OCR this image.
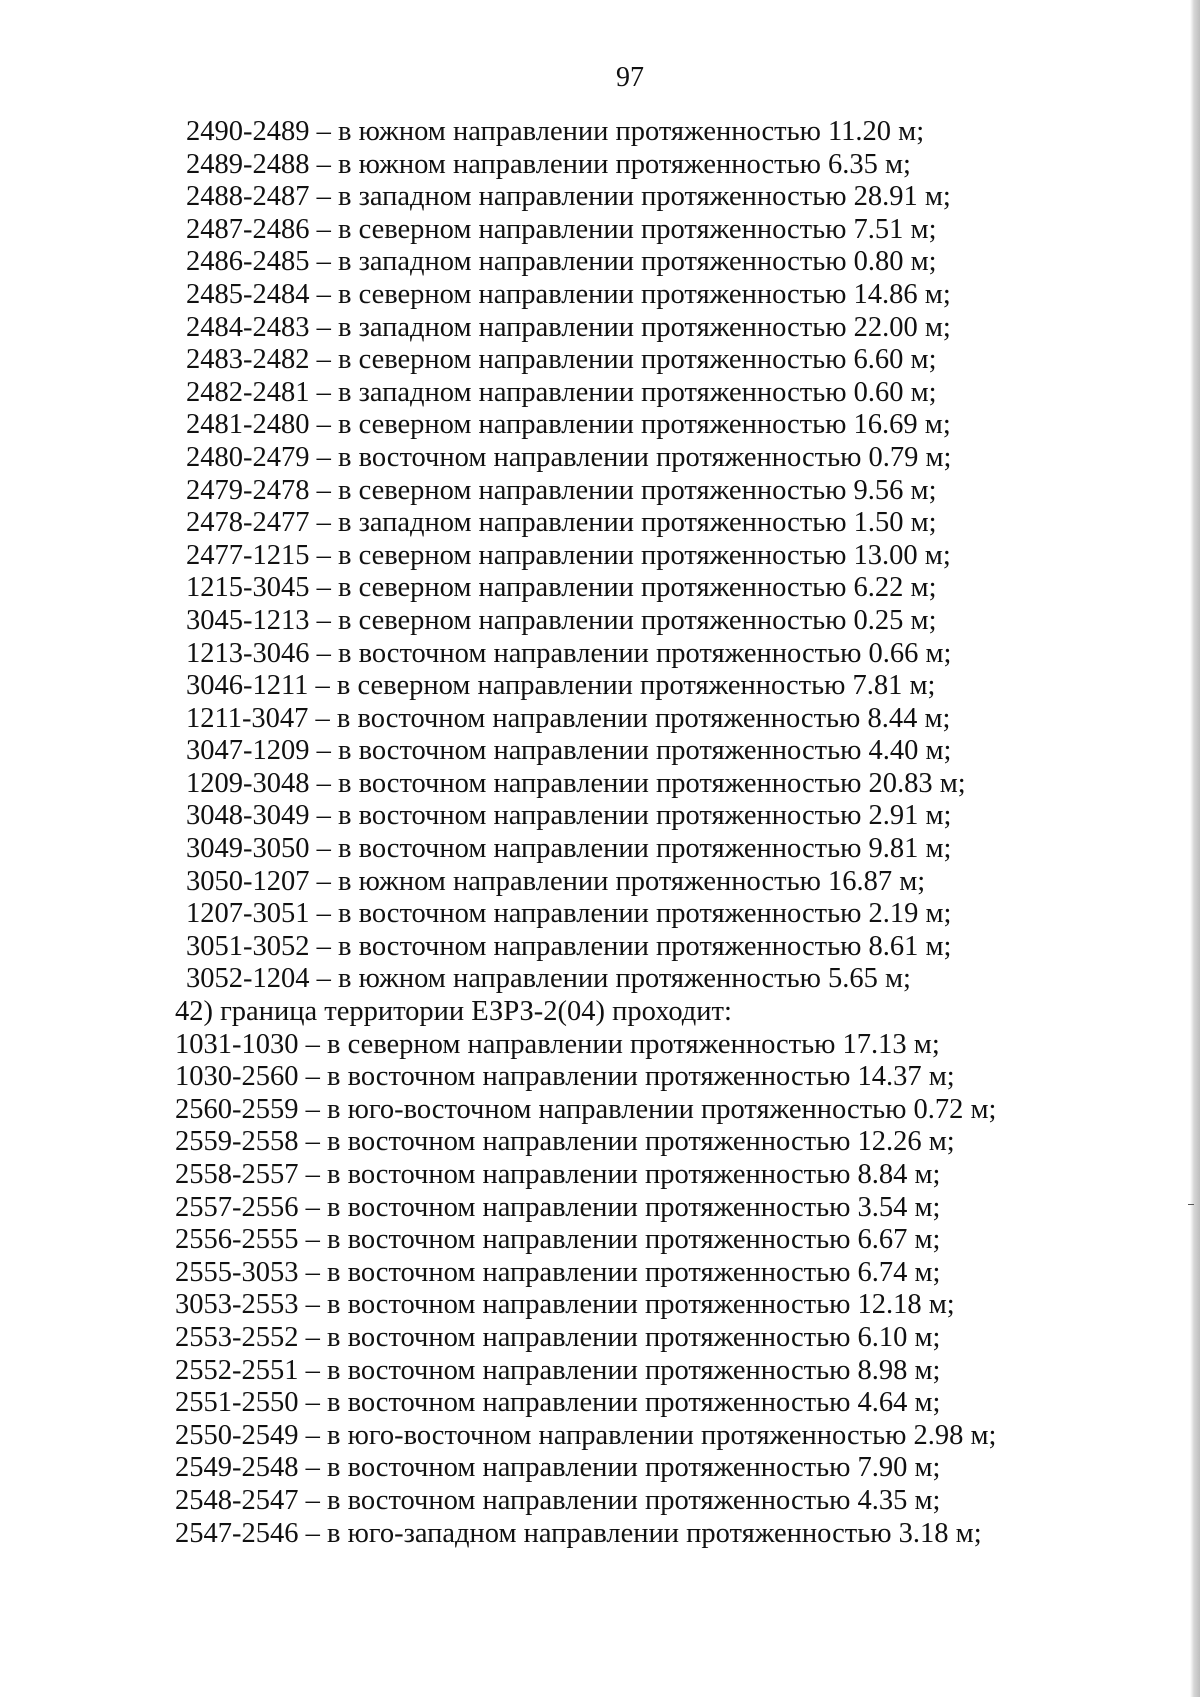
97
2490-2489 – в южном направлении протяженностью 11.20 м;
2489-2488 – в южном направлении протяженностью 6.35 м;
2488-2487 – в западном направлении протяженностью 28.91 м;
2487-2486 – в северном направлении протяженностью 7.51 м;
2486-2485 – в западном направлении протяженностью 0.80 м;
2485-2484 – в северном направлении протяженностью 14.86 м;
2484-2483 – в западном направлении протяженностью 22.00 м;
2483-2482 – в северном направлении протяженностью 6.60 м;
2482-2481 – в западном направлении протяженностью 0.60 м;
2481-2480 – в северном направлении протяженностью 16.69 м;
2480-2479 – в восточном направлении протяженностью 0.79 м;
2479-2478 – в северном направлении протяженностью 9.56 м;
2478-2477 – в западном направлении протяженностью 1.50 м;
2477-1215 – в северном направлении протяженностью 13.00 м;
1215-3045 – в северном направлении протяженностью 6.22 м;
3045-1213 – в северном направлении протяженностью 0.25 м;
1213-3046 – в восточном направлении протяженностью 0.66 м;
3046-1211 – в северном направлении протяженностью 7.81 м;
1211-3047 – в восточном направлении протяженностью 8.44 м;
3047-1209 – в восточном направлении протяженностью 4.40 м;
1209-3048 – в восточном направлении протяженностью 20.83 м;
3048-3049 – в восточном направлении протяженностью 2.91 м;
3049-3050 – в восточном направлении протяженностью 9.81 м;
3050-1207 – в южном направлении протяженностью 16.87 м;
1207-3051 – в восточном направлении протяженностью 2.19 м;
3051-3052 – в восточном направлении протяженностью 8.61 м;
3052-1204 – в южном направлении протяженностью 5.65 м;
42) граница территории ЕЗРЗ-2(04) проходит:
1031-1030 – в северном направлении протяженностью 17.13 м;
1030-2560 – в восточном направлении протяженностью 14.37 м;
2560-2559 – в юго-восточном направлении протяженностью 0.72 м;
2559-2558 – в восточном направлении протяженностью 12.26 м;
2558-2557 – в восточном направлении протяженностью 8.84 м;
2557-2556 – в восточном направлении протяженностью 3.54 м;
2556-2555 – в восточном направлении протяженностью 6.67 м;
2555-3053 – в восточном направлении протяженностью 6.74 м;
3053-2553 – в восточном направлении протяженностью 12.18 м;
2553-2552 – в восточном направлении протяженностью 6.10 м;
2552-2551 – в восточном направлении протяженностью 8.98 м;
2551-2550 – в восточном направлении протяженностью 4.64 м;
2550-2549 – в юго-восточном направлении протяженностью 2.98 м;
2549-2548 – в восточном направлении протяженностью 7.90 м;
2548-2547 – в восточном направлении протяженностью 4.35 м;
2547-2546 – в юго-западном направлении протяженностью 3.18 м;
